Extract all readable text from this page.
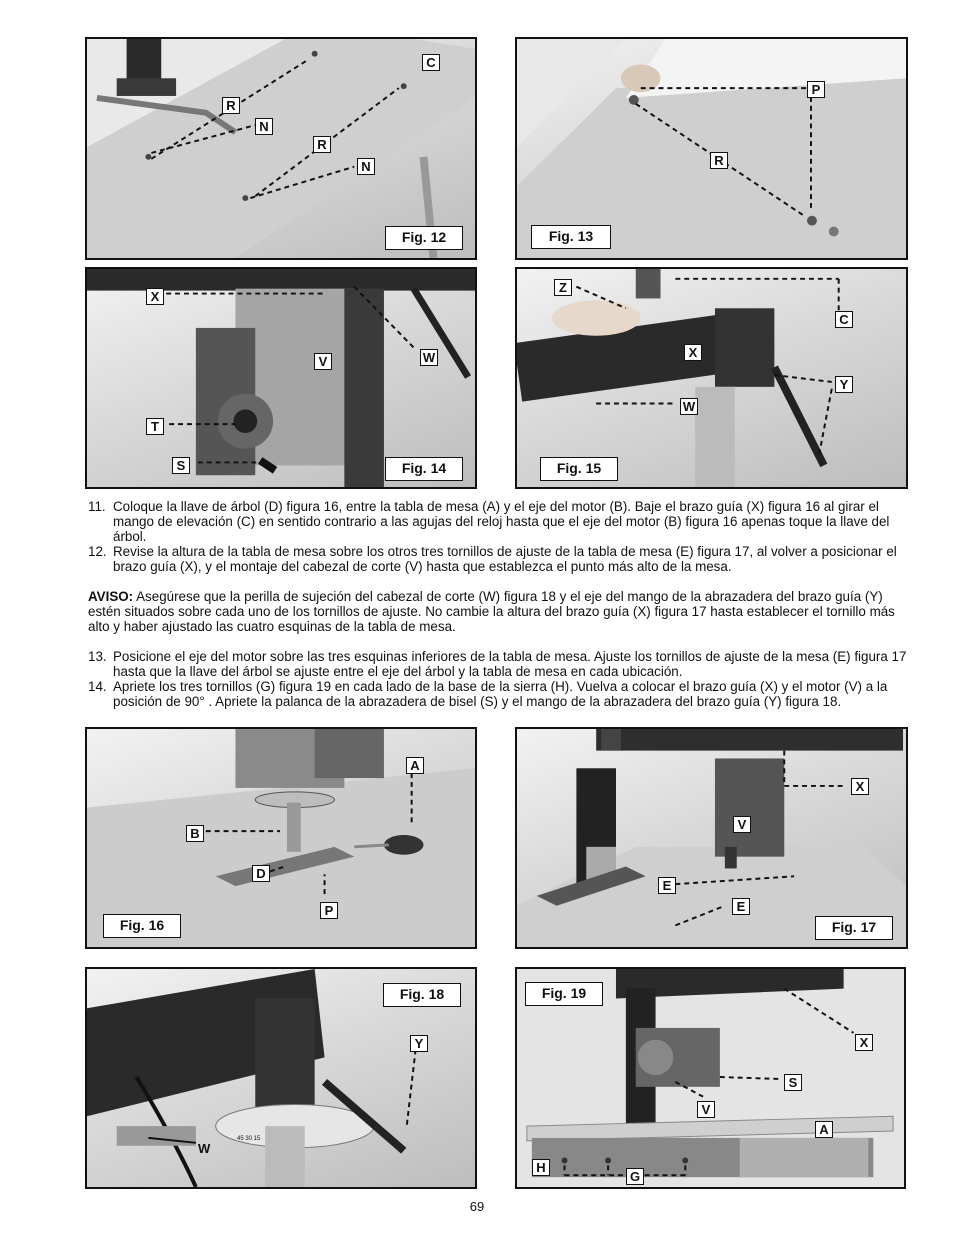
C
R
N
R
N
Fig. 12
P
R
Fig. 13
X
V	W
T
S	Fig. 14
Z
C
X
Y
W
Fig. 15
11. Coloque la llave de árbol (D) figura 16, entre la tabla de mesa (A) y el eje del motor (B). Baje el brazo guía (X) figura 16 al girar el mango de elevación (C) en sentido contrario a las agujas del reloj hasta que el eje del motor (B) figura 16 apenas toque la llave del árbol.
12. Revise la altura de la tabla de mesa sobre los otros tres tornillos de ajuste de la tabla de mesa (E) figura 17, al volver a posicionar el brazo guía (X), y el montaje del cabezal de corte (V) hasta que establezca el punto más alto de la mesa.
AVISO: Asegúrese que la perilla de sujeción del cabezal de corte (W) figura 18 y el eje del mango de la abrazadera del brazo guía (Y) estén situados sobre cada uno de los tornillos de ajuste. No cambie la altura del brazo guía (X) figura 17 hasta establecer el tornillo más alto y haber ajustado las cuatro esquinas de la tabla de mesa.
13. Posicione el eje del motor sobre las tres esquinas inferiores de la tabla de mesa. Ajuste los tornillos de ajuste de la mesa (E) figura 17 hasta que la llave del árbol se ajuste entre el eje del árbol y la tabla de mesa en cada ubicación.
14. Apriete los tres tornillos (G) figura 19 en cada lado de la base de la sierra (H). Vuelva a colocar el brazo guía (X) y el motor (V) a la posición de 90° . Apriete la palanca de la abrazadera de bisel (S) y el mango de la abrazadera del brazo guía (Y) figura 18.
A
B
D
P
Fig. 16
X
V
E
E
Fig. 17
Y
W
45 30 15
Fig. 18
X
S
V
A
H
G
Fig. 19
69
